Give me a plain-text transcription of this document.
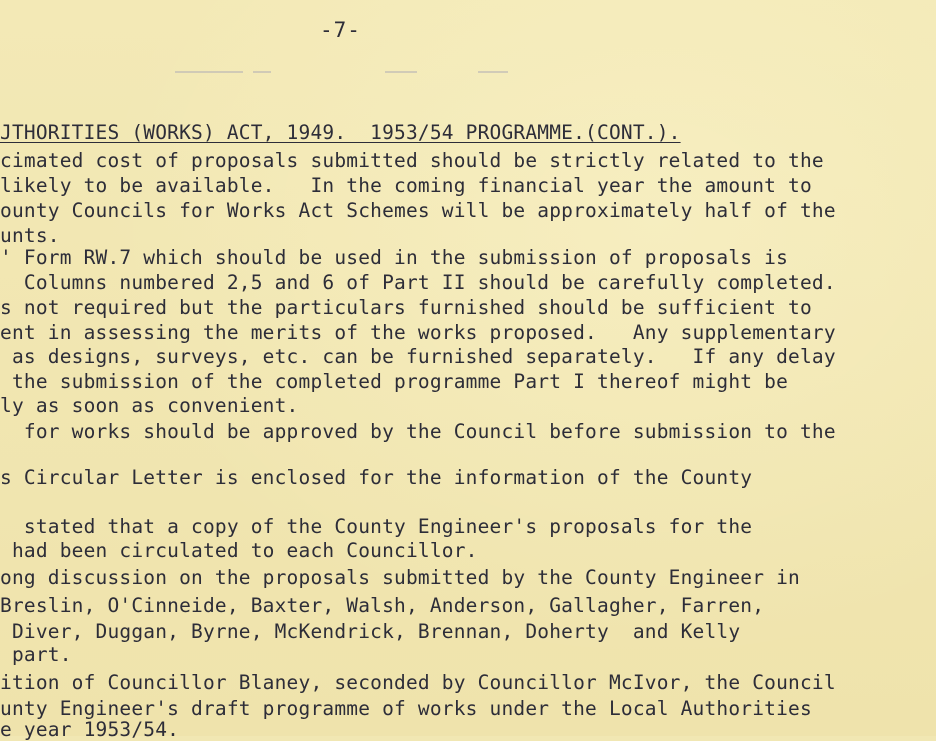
-7-
JTHORITIES (WORKS) ACT, 1949.  1953/54 PROGRAMME.(CONT.).
cimated cost of proposals submitted should be strictly related to the
likely to be available.   In the coming financial year the amount to
ounty Councils for Works Act Schemes will be approximately half of the
unts.
' Form RW.7 which should be used in the submission of proposals is
Columns numbered 2,5 and 6 of Part II should be carefully completed.
s not required but the particulars furnished should be sufficient to
ent in assessing the merits of the works proposed.   Any supplementary
as designs, surveys, etc. can be furnished separately.   If any delay
the submission of the completed programme Part I thereof might be
ly as soon as convenient.
for works should be approved by the Council before submission to the
s Circular Letter is enclosed for the information of the County
stated that a copy of the County Engineer's proposals for the
had been circulated to each Councillor.
ong discussion on the proposals submitted by the County Engineer in
Breslin, O'Cinneide, Baxter, Walsh, Anderson, Gallagher, Farren,
Diver, Duggan, Byrne, McKendrick, Brennan, Doherty  and Kelly
part.
ition of Councillor Blaney, seconded by Councillor McIvor, the Council
unty Engineer's draft programme of works under the Local Authorities
e year 1953/54.
